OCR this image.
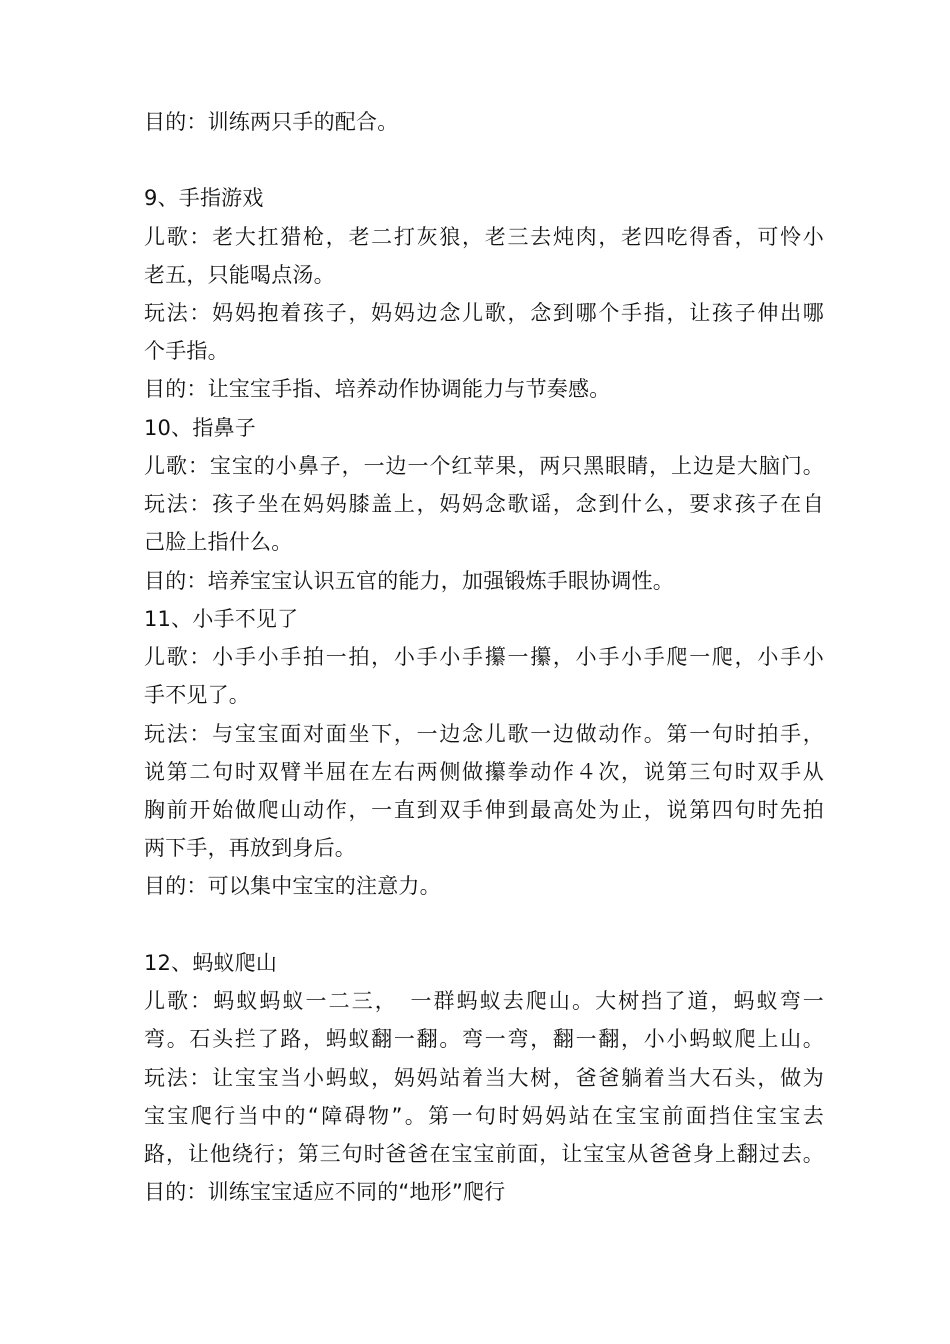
目的：训练两只手的配合。
9、手指游戏
儿歌：老大扛猎枪，老二打灰狼，老三去炖肉，老四吃得香，可怜小
老五，只能喝点汤。
玩法：妈妈抱着孩子，妈妈边念儿歌，念到哪个手指，让孩子伸出哪
个手指。
目的：让宝宝手指、培养动作协调能力与节奏感。
10、指鼻子
儿歌：宝宝的小鼻子，一边一个红苹果，两只黑眼睛，上边是大脑门。
玩法：孩子坐在妈妈膝盖上，妈妈念歌谣，念到什么，要求孩子在自
己脸上指什么。
目的：培养宝宝认识五官的能力，加强锻炼手眼协调性。
11、小手不见了
儿歌：小手小手拍一拍，小手小手攥一攥，小手小手爬一爬，小手小
手不见了。
玩法：与宝宝面对面坐下，一边念儿歌一边做动作。第一句时拍手，
说第二句时双臂半屈在左右两侧做攥拳动作４次，说第三句时双手从
胸前开始做爬山动作，一直到双手伸到最高处为止，说第四句时先拍
两下手，再放到身后。
目的：可以集中宝宝的注意力。
12、蚂蚁爬山
儿歌：蚂蚁蚂蚁一二三，　一群蚂蚁去爬山。大树挡了道，蚂蚁弯一
弯。石头拦了路，蚂蚁翻一翻。弯一弯，翻一翻，小小蚂蚁爬上山。
玩法：让宝宝当小蚂蚁，妈妈站着当大树，爸爸躺着当大石头，做为
宝宝爬行当中的“障碍物”。第一句时妈妈站在宝宝前面挡住宝宝去
路，让他绕行；第三句时爸爸在宝宝前面，让宝宝从爸爸身上翻过去。
目的：训练宝宝适应不同的“地形”爬行
